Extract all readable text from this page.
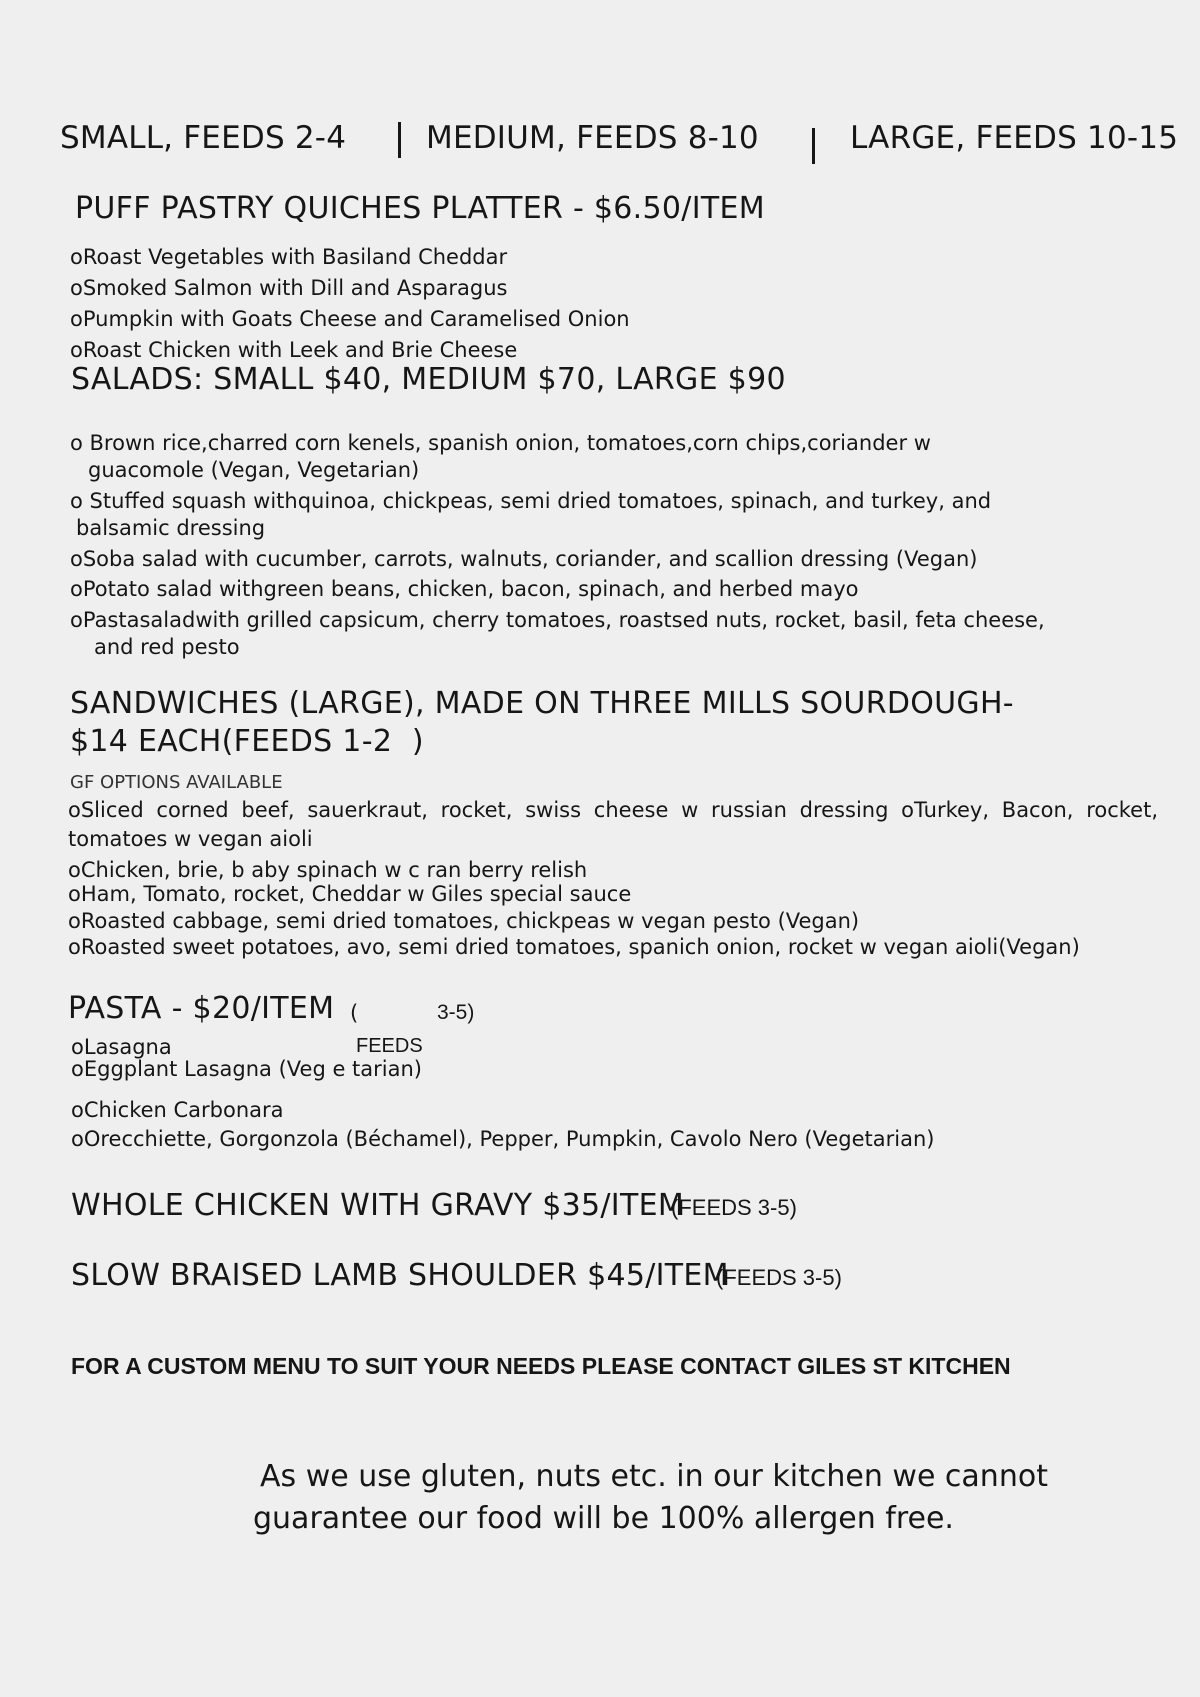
SMALL, FEEDS 2-4	MEDIUM, FEEDS 8-10	LARGE, FEEDS 10-15
PUFF PASTRY QUICHES PLATTER - $6.50/ITEM
oRoast Vegetables with Basiland Cheddar
oSmoked Salmon with Dill and Asparagus
oPumpkin with Goats Cheese and Caramelised Onion
oRoast Chicken with Leek and Brie Cheese
SALADS: SMALL $40, MEDIUM $70, LARGE $90
o Brown rice,charred corn kenels, spanish onion, tomatoes,corn chips,coriander w
guacomole (Vegan, Vegetarian)
o Stuffed squash withquinoa, chickpeas, semi dried tomatoes, spinach, and turkey, and
balsamic dressing
oSoba salad with cucumber, carrots, walnuts, coriander, and scallion dressing (Vegan)
oPotato salad withgreen beans, chicken, bacon, spinach, and herbed mayo
oPastasaladwith grilled capsicum, cherry tomatoes, roastsed nuts, rocket, basil, feta cheese,
and red pesto
SANDWICHES (LARGE), MADE ON THREE MILLS SOURDOUGH-
$14 EACH(FEEDS 1-2 )
GF OPTIONS AVAILABLE
oSliced corned beef, sauerkraut, rocket, swiss cheese w russian dressing oTurkey, Bacon, rocket, tomatoes w vegan aioli
oChicken, brie, b aby spinach w c ran berry relish
oHam, Tomato, rocket, Cheddar w Giles special sauce
oRoasted cabbage, semi dried tomatoes, chickpeas w vegan pesto (Vegan)
oRoasted sweet potatoes, avo, semi dried tomatoes, spanich onion, rocket w vegan aioli(Vegan)
PASTA - $20/ITEM (	3-5)
FEEDS
oLasagna
oEggplant Lasagna (Veg e tarian)
oChicken Carbonara
oOrecchiette, Gorgonzola (Béchamel), Pepper, Pumpkin, Cavolo Nero (Vegetarian)
WHOLE CHICKEN WITH GRAVY $35/ITEM
(FEEDS 3-5)
SLOW BRAISED LAMB SHOULDER $45/ITEM
(FEEDS 3-5)
FOR A CUSTOM MENU TO SUIT YOUR NEEDS PLEASE CONTACT GILES ST KITCHEN
As we use gluten, nuts etc. in our kitchen we cannot
guarantee our food will be 100% allergen free.
